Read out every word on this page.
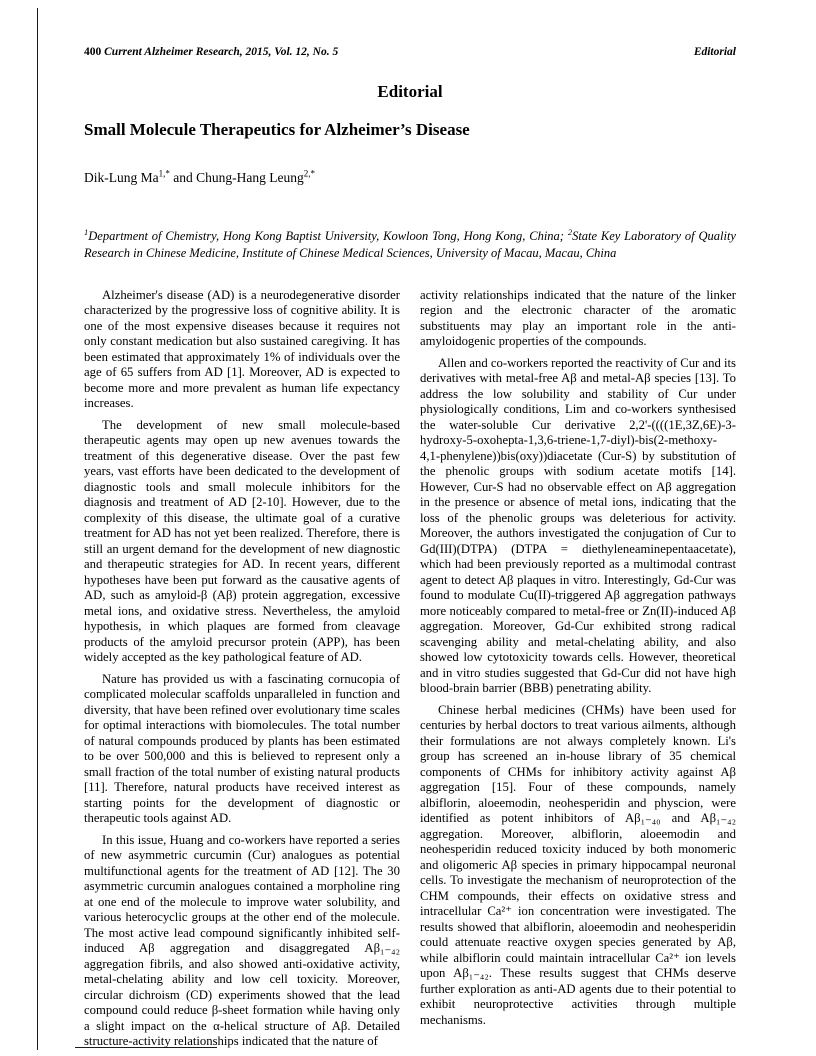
400 Current Alzheimer Research, 2015, Vol. 12, No. 5	Editorial
Editorial
Small Molecule Therapeutics for Alzheimer’s Disease
Dik-Lung $Ma^{1,*}$ and Chung-Hang Leung$^{2,*}$
$^1$Department of Chemistry, Hong Kong Baptist University, Kowloon Tong, Hong Kong, China; $^2$State Key Laboratory of Quality Research in Chinese Medicine, Institute of Chinese Medical Sciences, University of Macau, Macau, China

Alzheimer's disease (AD) is a neurodegenerative disorder characterized by the progressive loss of cognitive ability. It is one of the most expensive diseases because it requires not only constant medication but also sustained caregiving. It has been estimated that approximately 1% of individuals over the age of 65 suffers from AD [1]. Moreover, AD is expected to become more and more prevalent as human life expectancy increases.

The development of new small molecule-based therapeutic agents may open up new avenues towards the treatment of this degenerative disease. Over the past few years, vast efforts have been dedicated to the development of diagnostic tools and small molecule inhibitors for the diagnosis and treatment of AD [2-10]. However, due to the complexity of this disease, the ultimate goal of a curative treatment for AD has not yet been realized. Therefore, there is still an urgent demand for the development of new diagnostic and therapeutic strategies for AD. In recent years, different hypotheses have been put forward as the causative agents of AD, such as amyloid-β (Aβ) protein aggregation, excessive metal ions, and oxidative stress. Nevertheless, the amyloid hypothesis, in which plaques are formed from cleavage products of the amyloid precursor protein (APP), has been widely accepted as the key pathological feature of AD.

Nature has provided us with a fascinating cornucopia of complicated molecular scaffolds unparalleled in function and diversity, that have been refined over evolutionary time scales for optimal interactions with biomolecules. The total number of natural compounds produced by plants has been estimated to be over 500,000 and this is believed to represent only a small fraction of the total number of existing natural products [11]. Therefore, natural products have received interest as starting points for the development of diagnostic or therapeutic tools against AD.

In this issue, Huang and co-workers have reported a series of new asymmetric curcumin (Cur) analogues as potential multifunctional agents for the treatment of AD [12]. The 30 asymmetric curcumin analogues contained a morpholine ring at one end of the molecule to improve water solubility, and various heterocyclic groups at the other end of the molecule. The most active lead compound significantly inhibited self-induced Aβ aggregation and disaggregated Aβ₁₋₄₂ aggregation fibrils, and also showed anti-oxidative activity, metal-chelating ability and low cell toxicity. Moreover, circular dichroism (CD) experiments showed that the lead compound could reduce β-sheet formation while having only a slight impact on the α-helical structure of Aβ. Detailed structure-activity relationships indicated that the nature of

activity relationships indicated that the nature of the linker region and the electronic character of the aromatic substituents may play an important role in the anti-amyloidogenic properties of the compounds.

Allen and co-workers reported the reactivity of Cur and its derivatives with metal-free Aβ and metal-Aβ species [13]. To address the low solubility and stability of Cur under physiologically conditions, Lim and co-workers synthesised the water-soluble Cur derivative 2,2'-((((1E,3Z,6E)-3-hydroxy-5-oxohepta-1,3,6-triene-1,7-diyl)-bis(2-methoxy-4,1-phenylene))bis(oxy))diacetate (Cur-S) by substitution of the phenolic groups with sodium acetate motifs [14]. However, Cur-S had no observable effect on Aβ aggregation in the presence or absence of metal ions, indicating that the loss of the phenolic groups was deleterious for activity. Moreover, the authors investigated the conjugation of Cur to Gd(III)(DTPA) (DTPA = diethyleneaminepentaacetate), which had been previously reported as a multimodal contrast agent to detect Aβ plaques in vitro. Interestingly, Gd-Cur was found to modulate Cu(II)-triggered Aβ aggregation pathways more noticeably compared to metal-free or Zn(II)-induced Aβ aggregation. Moreover, Gd-Cur exhibited strong radical scavenging ability and metal-chelating ability, and also showed low cytotoxicity towards cells. However, theoretical and in vitro studies suggested that Gd-Cur did not have high blood-brain barrier (BBB) penetrating ability.

Chinese herbal medicines (CHMs) have been used for centuries by herbal doctors to treat various ailments, although their formulations are not always completely known. Li's group has screened an in-house library of 35 chemical components of CHMs for inhibitory activity against Aβ aggregation [15]. Four of these compounds, namely albiflorin, aloeemodin, neohesperidin and physcion, were identified as potent inhibitors of Aβ₁₋₄₀ and Aβ₁₋₄₂ aggregation. Moreover, albiflorin, aloeemodin and neohesperidin reduced toxicity induced by both monomeric and oligomeric Aβ species in primary hippocampal neuronal cells. To investigate the mechanism of neuroprotection of the CHM compounds, their effects on oxidative stress and intracellular Ca²⁺ ion concentration were investigated. The results showed that albiflorin, aloeemodin and neohesperidin could attenuate reactive oxygen species generated by Aβ, while albiflorin could maintain intracellular Ca²⁺ ion levels upon Aβ₁₋₄₂. These results suggest that CHMs deserve further exploration as anti-AD agents due to their potential to exhibit neuroprotective activities through multiple mechanisms.
